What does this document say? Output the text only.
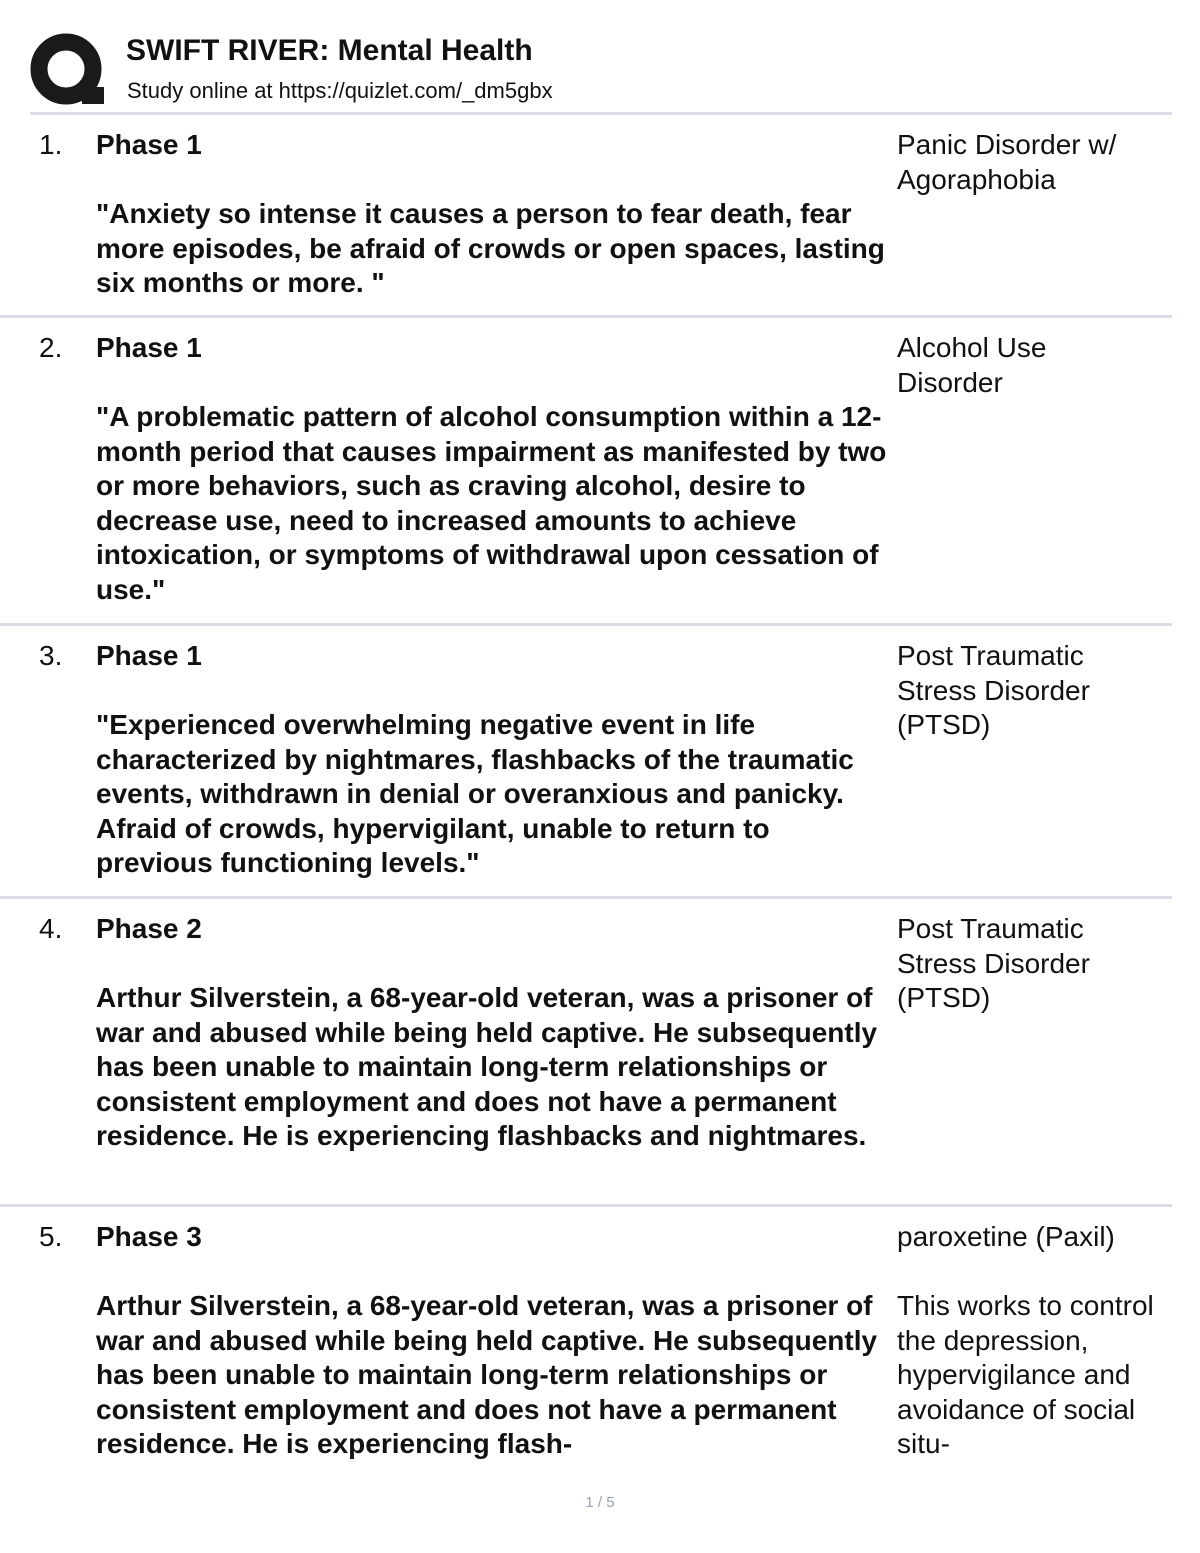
SWIFT RIVER: Mental Health
Study online at https://quizlet.com/_dm5gbx
1. Phase 1
"Anxiety so intense it causes a person to fear death, fear more episodes, be afraid of crowds or open spaces, lasting six months or more. "
Panic Disorder w/ Agoraphobia
2. Phase 1
"A problematic pattern of alcohol consumption within a 12-month period that causes impairment as manifested by two or more behaviors, such as craving alcohol, desire to decrease use, need to increased amounts to achieve intoxication, or symptoms of withdrawal upon cessation of use."
Alcohol Use Disorder
3. Phase 1
"Experienced overwhelming negative event in life characterized by nightmares, flashbacks of the traumatic events, withdrawn in denial or overanxious and panicky. Afraid of crowds, hypervigilant, unable to return to previous functioning levels."
Post Traumatic Stress Disorder (PTSD)
4. Phase 2
Arthur Silverstein, a 68-year-old veteran, was a prisoner of war and abused while being held captive. He subsequently has been unable to maintain long-term relationships or consistent employment and does not have a permanent residence. He is experiencing flashbacks and nightmares.
Post Traumatic Stress Disorder (PTSD)
5. Phase 3
Arthur Silverstein, a 68-year-old veteran, was a prisoner of war and abused while being held captive. He subsequently has been unable to maintain long-term relationships or consistent employment and does not have a permanent residence. He is experiencing flash-
paroxetine (Paxil)
This works to control the depression, hypervigilance and avoidance of social situ-
1 / 5
